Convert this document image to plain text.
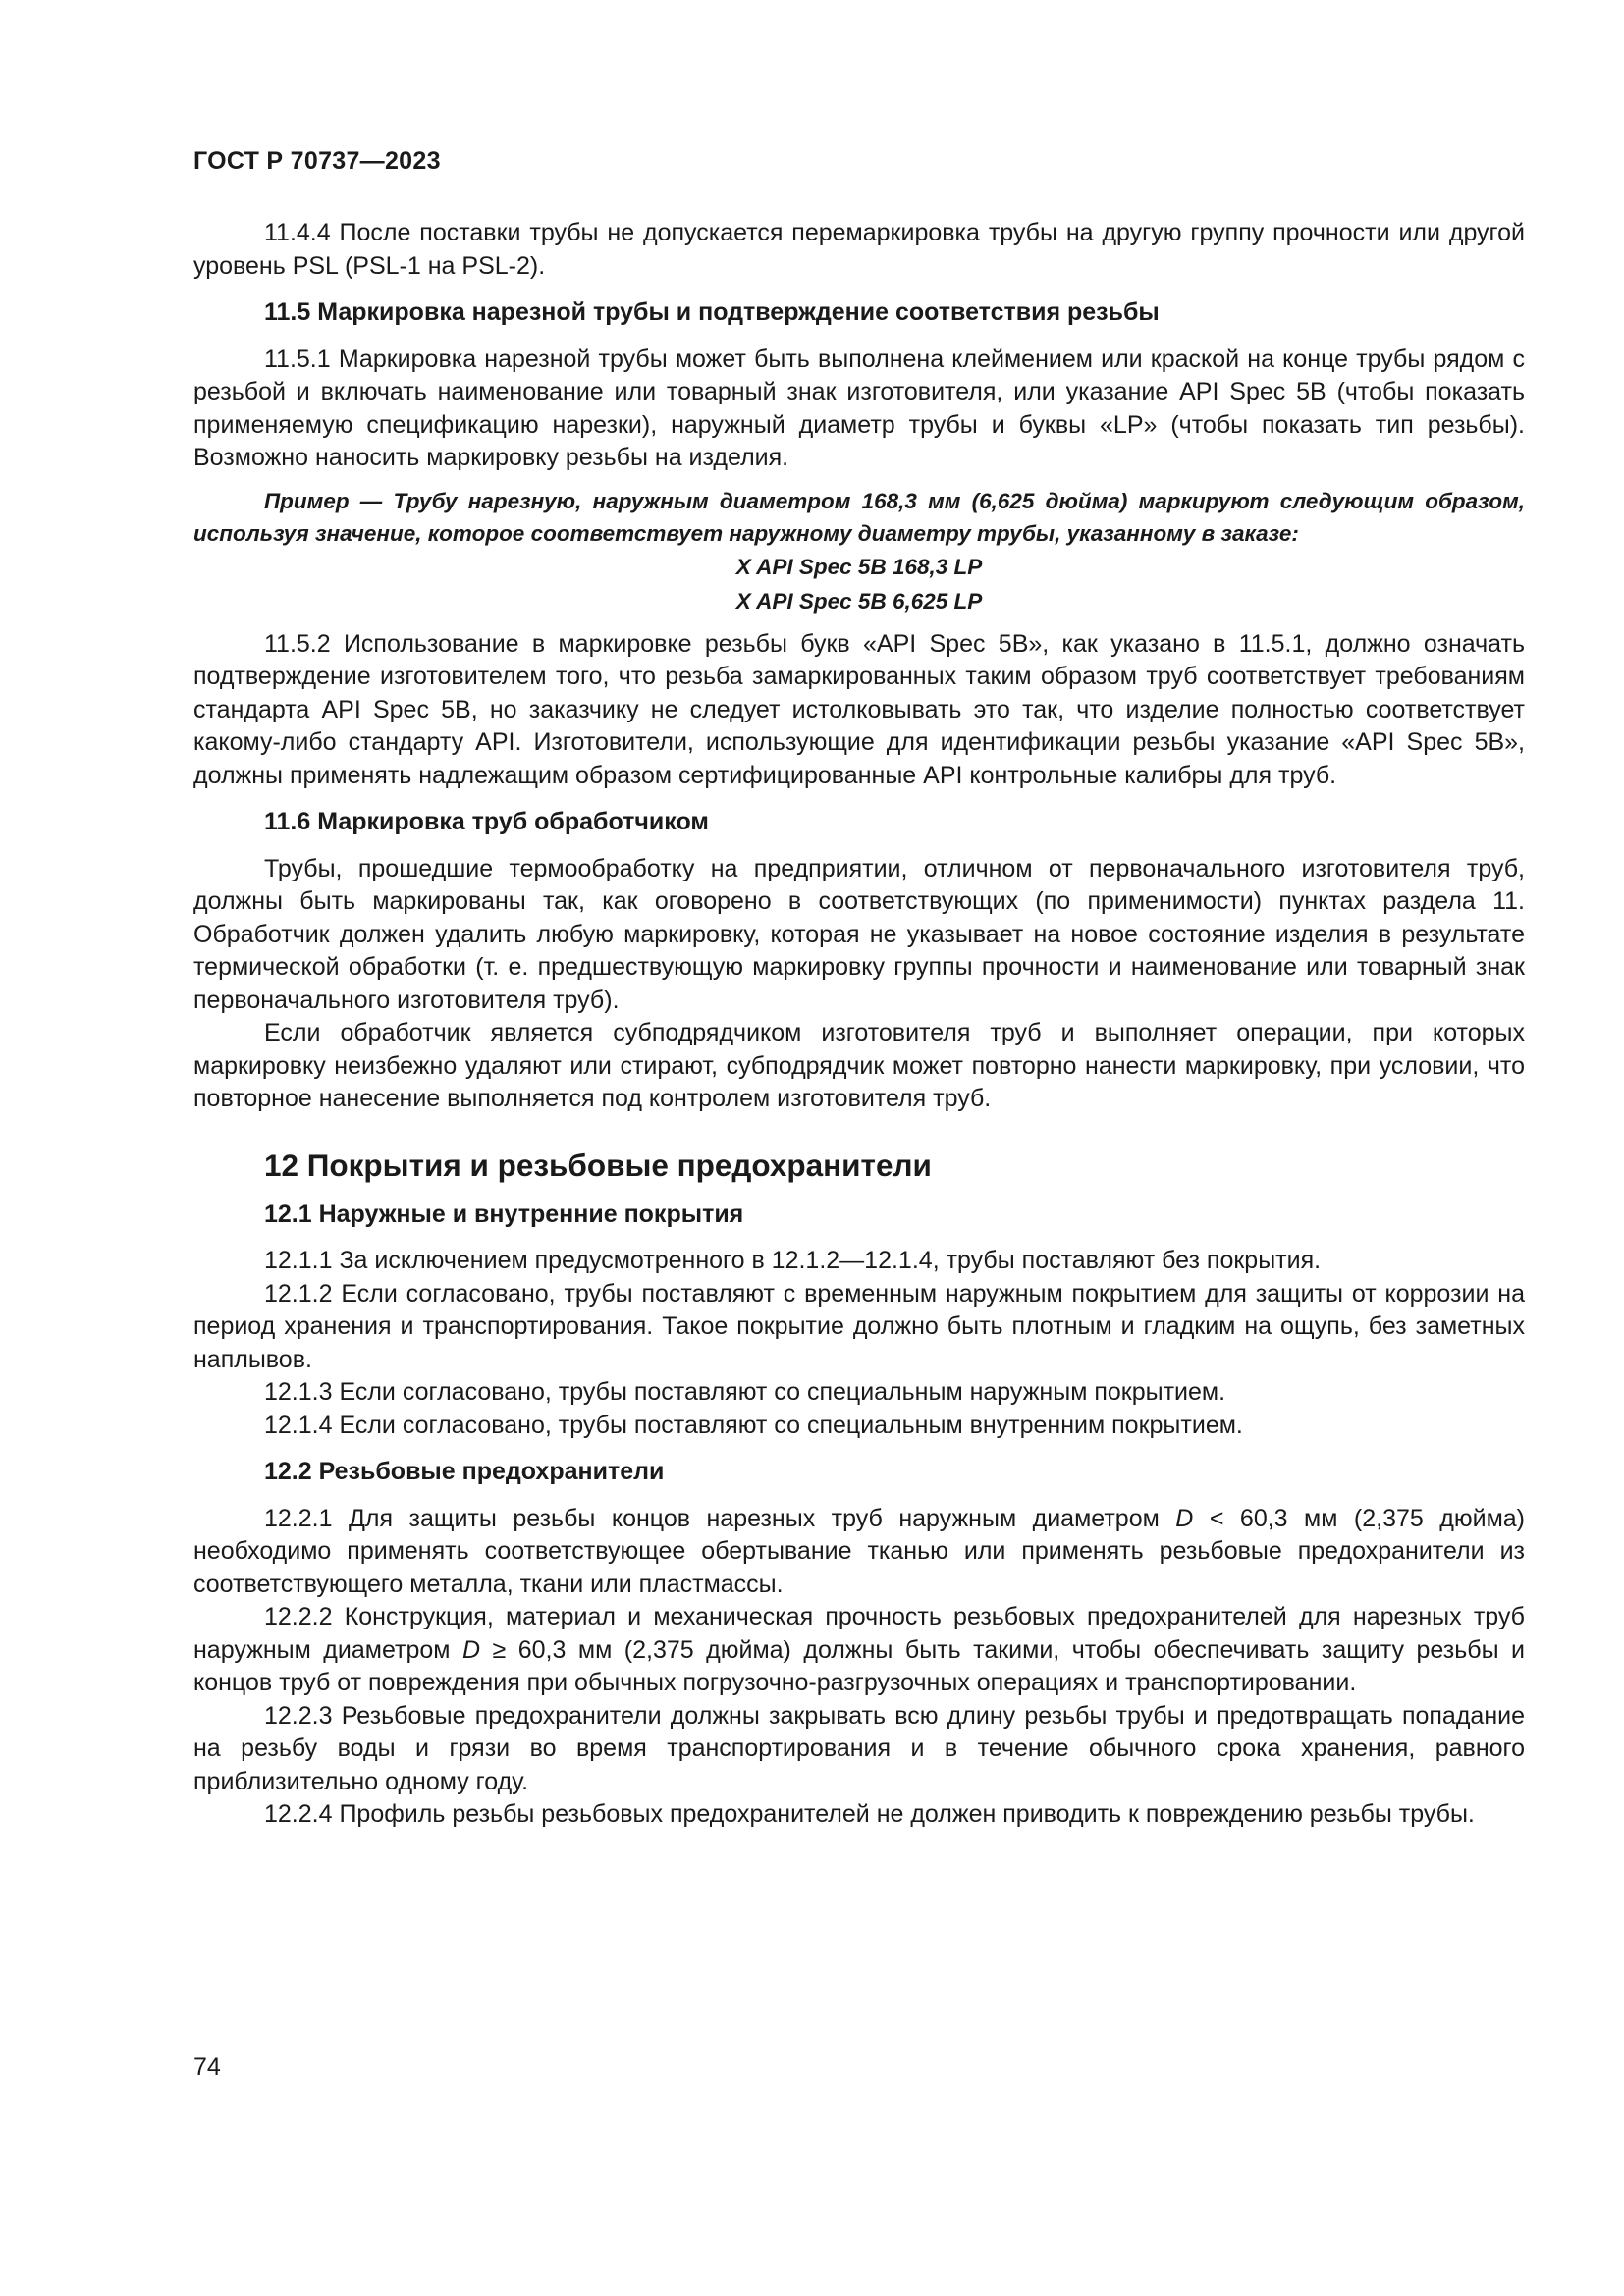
ГОСТ Р 70737—2023

11.4.4 После поставки трубы не допускается перемаркировка трубы на другую группу прочности или другой уровень PSL (PSL-1 на PSL-2).

11.5 Маркировка нарезной трубы и подтверждение соответствия резьбы

11.5.1 Маркировка нарезной трубы может быть выполнена клеймением или краской на конце трубы рядом с резьбой и включать наименование или товарный знак изготовителя, или указание API Spec 5B (чтобы показать применяемую спецификацию нарезки), наружный диаметр трубы и буквы «LP» (чтобы показать тип резьбы). Возможно наносить маркировку резьбы на изделия.

Пример — Трубу нарезную, наружным диаметром 168,3 мм (6,625 дюйма) маркируют следующим образом, используя значение, которое соответствует наружному диаметру трубы, указанному в заказе:
X API Spec 5B 168,3 LP
X API Spec 5B 6,625 LP

11.5.2 Использование в маркировке резьбы букв «API Spec 5B», как указано в 11.5.1, должно означать подтверждение изготовителем того, что резьба замаркированных таким образом труб соответствует требованиям стандарта API Spec 5B, но заказчику не следует истолковывать это так, что изделие полностью соответствует какому-либо стандарту API. Изготовители, использующие для идентификации резьбы указание «API Spec 5B», должны применять надлежащим образом сертифицированные API контрольные калибры для труб.

11.6 Маркировка труб обработчиком

Трубы, прошедшие термообработку на предприятии, отличном от первоначального изготовителя труб, должны быть маркированы так, как оговорено в соответствующих (по применимости) пунктах раздела 11. Обработчик должен удалить любую маркировку, которая не указывает на новое состояние изделия в результате термической обработки (т. е. предшествующую маркировку группы прочности и наименование или товарный знак первоначального изготовителя труб).

Если обработчик является субподрядчиком изготовителя труб и выполняет операции, при которых маркировку неизбежно удаляют или стирают, субподрядчик может повторно нанести маркировку, при условии, что повторное нанесение выполняется под контролем изготовителя труб.

12 Покрытия и резьбовые предохранители
12.1 Наружные и внутренние покрытия

12.1.1 За исключением предусмотренного в 12.1.2—12.1.4, трубы поставляют без покрытия.

12.1.2 Если согласовано, трубы поставляют с временным наружным покрытием для защиты от коррозии на период хранения и транспортирования. Такое покрытие должно быть плотным и гладким на ощупь, без заметных наплывов.

12.1.3 Если согласовано, трубы поставляют со специальным наружным покрытием.

12.1.4 Если согласовано, трубы поставляют со специальным внутренним покрытием.

12.2 Резьбовые предохранители

12.2.1 Для защиты резьбы концов нарезных труб наружным диаметром D < 60,3 мм (2,375 дюйма) необходимо применять соответствующее обертывание тканью или применять резьбовые предохранители из соответствующего металла, ткани или пластмассы.

12.2.2 Конструкция, материал и механическая прочность резьбовых предохранителей для нарезных труб наружным диаметром D ≥ 60,3 мм (2,375 дюйма) должны быть такими, чтобы обеспечивать защиту резьбы и концов труб от повреждения при обычных погрузочно-разгрузочных операциях и транспортировании.

12.2.3 Резьбовые предохранители должны закрывать всю длину резьбы трубы и предотвращать попадание на резьбу воды и грязи во время транспортирования и в течение обычного срока хранения, равного приблизительно одному году.

12.2.4 Профиль резьбы резьбовых предохранителей не должен приводить к повреждению резьбы трубы.

74
